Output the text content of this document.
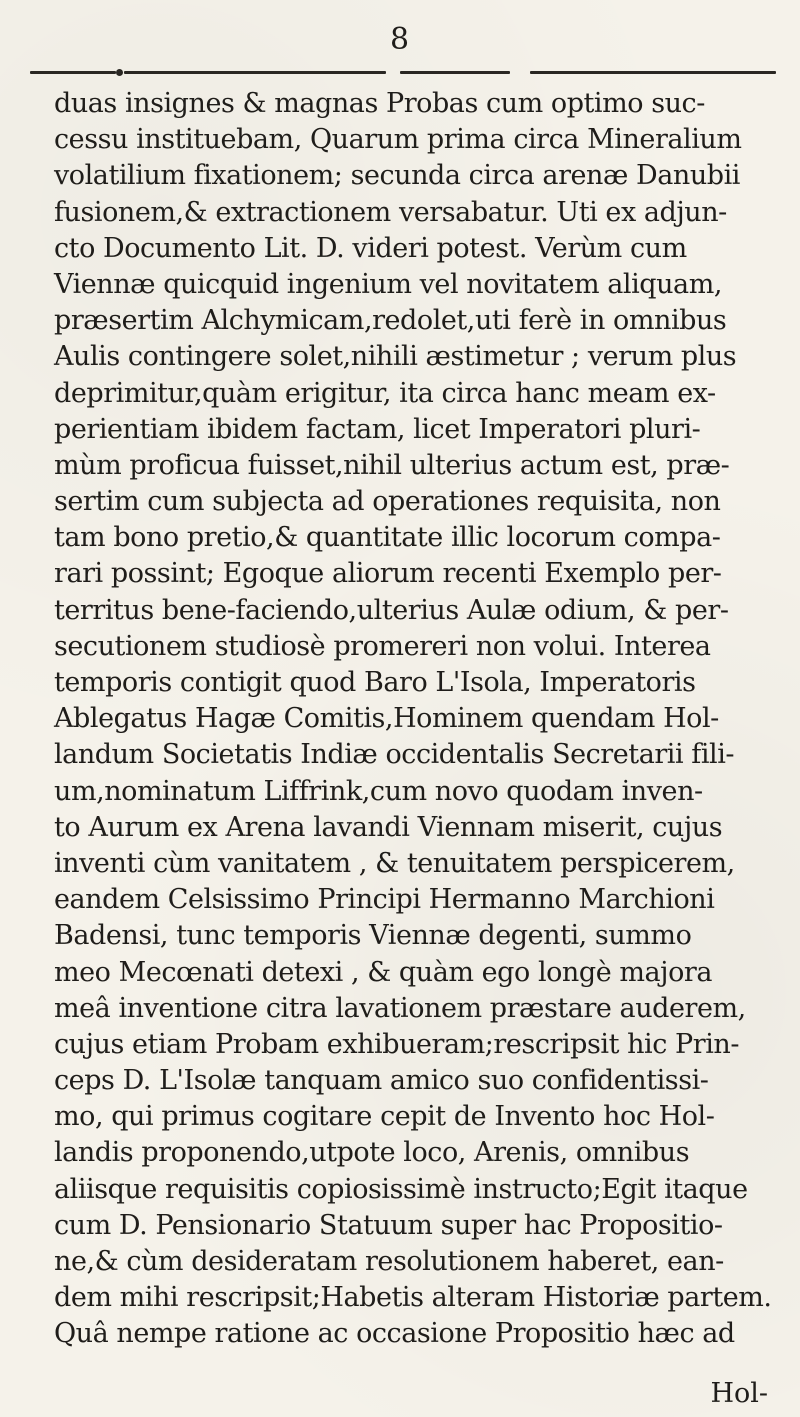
8
duas insignes & magnas Probas cum optimo suc-
cessu instituebam, Quarum prima circa Mineralium
volatilium fixationem; secunda circa arenæ Danubii
fusionem,& extractionem versabatur. Uti ex adjun-
cto Documento Lit. D. videri potest. Verùm cum
Viennæ quicquid ingenium vel novitatem aliquam,
præsertim Alchymicam,redolet,uti ferè in omnibus
Aulis contingere solet,nihili æstimetur ; verum plus
deprimitur,quàm erigitur, ita circa hanc meam ex-
perientiam ibidem factam, licet Imperatori pluri-
mùm proficua fuisset,nihil ulterius actum est, præ-
sertim cum subjecta ad operationes requisita, non
tam bono pretio,& quantitate illic locorum compa-
rari possint; Egoque aliorum recenti Exemplo per-
territus bene-faciendo,ulterius Aulæ odium, & per-
secutionem studiosè promereri non volui. Interea
temporis contigit quod Baro L'Isola, Imperatoris
Ablegatus Hagæ Comitis,Hominem quendam Hol-
landum Societatis Indiæ occidentalis Secretarii fili-
um,nominatum Liffrink,cum novo quodam inven-
to Aurum ex Arena lavandi Viennam miserit, cujus
inventi cùm vanitatem , & tenuitatem perspicerem,
eandem Celsissimo Principi Hermanno Marchioni
Badensi, tunc temporis Viennæ degenti, summo
meo Mecœnati detexi , & quàm ego longè majora
meâ inventione citra lavationem præstare auderem,
cujus etiam Probam exhibueram;rescripsit hic Prin-
ceps D. L'Isolæ tanquam amico suo confidentissi-
mo, qui primus cogitare cepit de Invento hoc Hol-
landis proponendo,utpote loco, Arenis, omnibus
aliisque requisitis copiosissimè instructo;Egit itaque
cum D. Pensionario Statuum super hac Propositio-
ne,& cùm desideratam resolutionem haberet, ean-
dem mihi rescripsit;Habetis alteram Historiæ partem.
Quâ nempe ratione ac occasione Propositio hæc ad
Hol-
